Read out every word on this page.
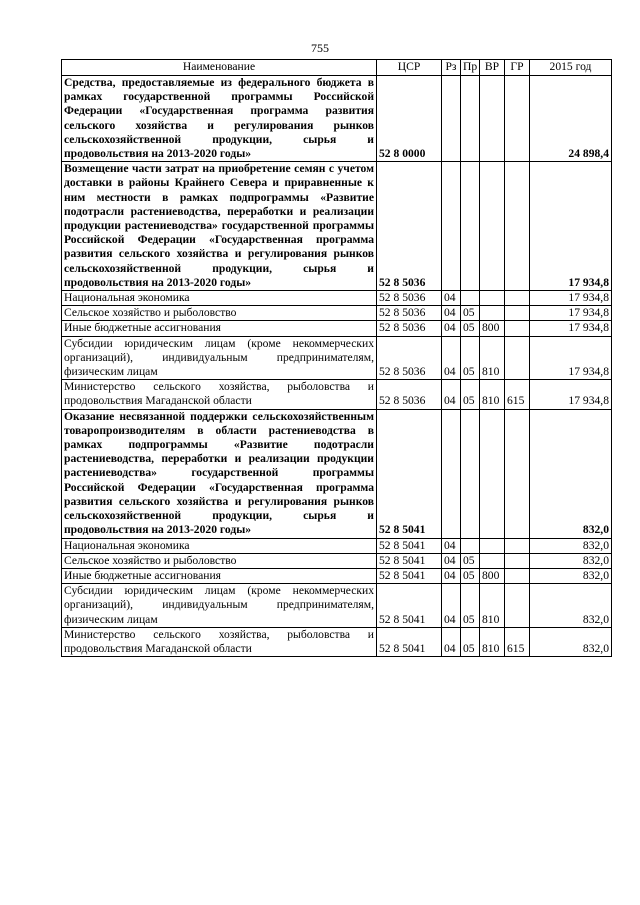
755
Наименование	ЦСР	Рз	Пр	ВР	ГР	2015 год
Средства, предоставляемые из федерального бюджета в рамках государственной программы Российской Федерации «Государственная программа развития сельского хозяйства и регулирования рынков сельскохозяйственной продукции, сырья и продовольствия на 2013-2020 годы»	52 8 0000					24 898,4
Возмещение части затрат на приобретение семян с учетом доставки в районы Крайнего Севера и приравненные к ним местности в рамках подпрограммы «Развитие подотрасли растениеводства, переработки и реализации продукции растениеводства» государственной программы Российской Федерации «Государственная программа развития сельского хозяйства и регулирования рынков сельскохозяйственной продукции, сырья и продовольствия на 2013-2020 годы»	52 8 5036					17 934,8
Национальная экономика	52 8 5036	04				17 934,8
Сельское хозяйство и рыболовство	52 8 5036	04	05			17 934,8
Иные бюджетные ассигнования	52 8 5036	04	05	800		17 934,8
Субсидии юридическим лицам (кроме некоммерческих организаций), индивидуальным предпринимателям, физическим лицам	52 8 5036	04	05	810		17 934,8
Министерство сельского хозяйства, рыболовства и продовольствия Магаданской области	52 8 5036	04	05	810	615	17 934,8
Оказание несвязанной поддержки сельскохозяйственным товаропроизводителям в области растениеводства в рамках подпрограммы «Развитие подотрасли растениеводства, переработки и реализации продукции растениеводства» государственной программы Российской Федерации «Государственная программа развития сельского хозяйства и регулирования рынков сельскохозяйственной продукции, сырья и продовольствия на 2013-2020 годы»	52 8 5041					832,0
Национальная экономика	52 8 5041	04				832,0
Сельское хозяйство и рыболовство	52 8 5041	04	05			832,0
Иные бюджетные ассигнования	52 8 5041	04	05	800		832,0
Субсидии юридическим лицам (кроме некоммерческих организаций), индивидуальным предпринимателям, физическим лицам	52 8 5041	04	05	810		832,0
Министерство сельского хозяйства, рыболовства и продовольствия Магаданской области	52 8 5041	04	05	810	615	832,0
